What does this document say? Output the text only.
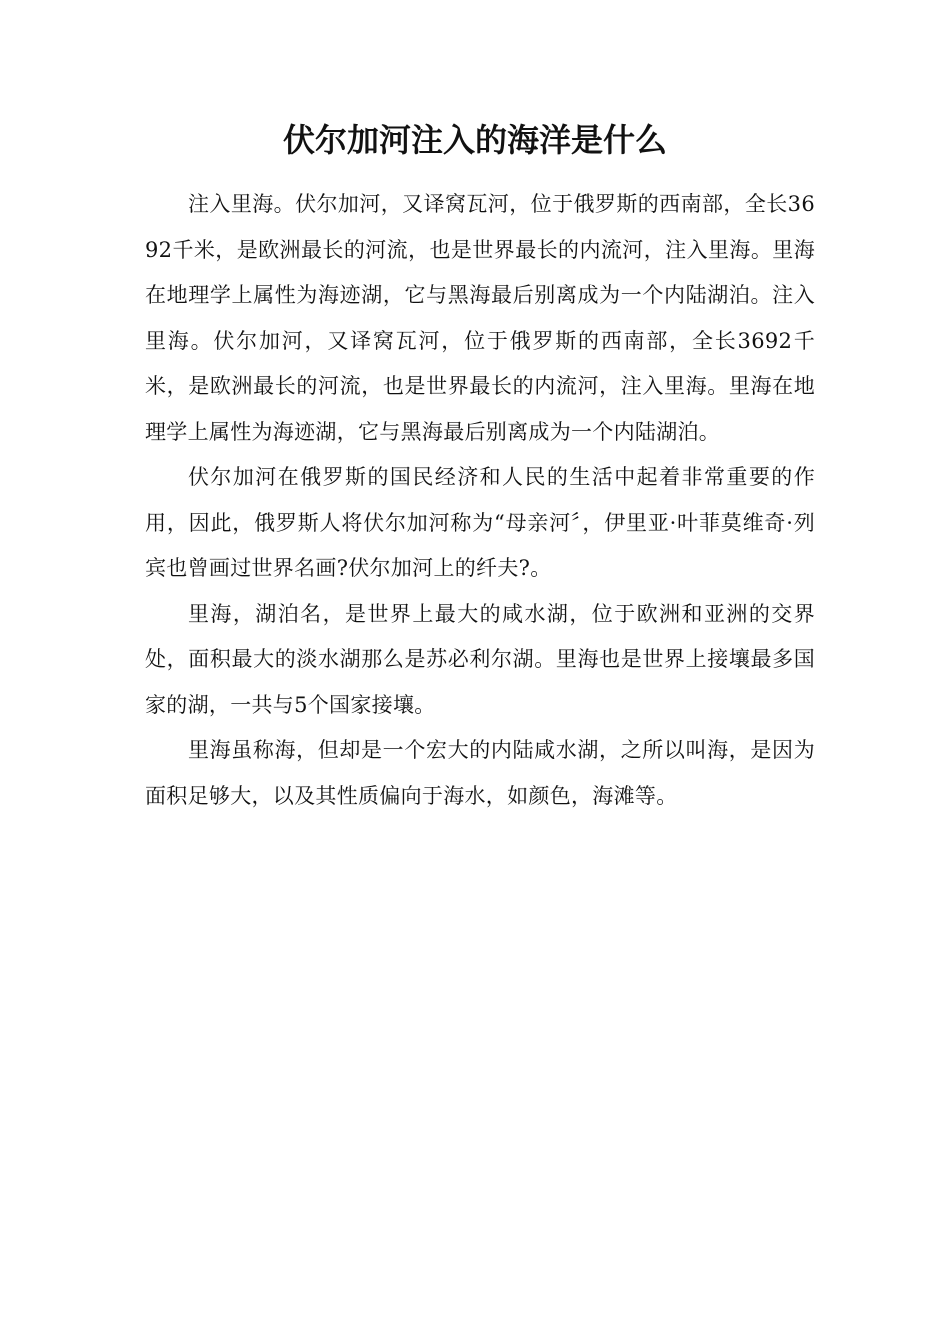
伏尔加河注入的海洋是什么

注入里海。伏尔加河，又译窝瓦河，位于俄罗斯的西南部，全长3692千米，是欧洲最长的河流，也是世界最长的内流河，注入里海。里海在地理学上属性为海迹湖，它与黑海最后别离成为一个内陆湖泊。注入里海。伏尔加河，又译窝瓦河，位于俄罗斯的西南部，全长3692千米，是欧洲最长的河流，也是世界最长的内流河，注入里海。里海在地理学上属性为海迹湖，它与黑海最后别离成为一个内陆湖泊。

伏尔加河在俄罗斯的国民经济和人民的生活中起着非常重要的作用，因此，俄罗斯人将伏尔加河称为“母亲河〞，伊里亚·叶菲莫维奇·列宾也曾画过世界名画?伏尔加河上的纤夫?。

里海，湖泊名，是世界上最大的咸水湖，位于欧洲和亚洲的交界处，面积最大的淡水湖那么是苏必利尔湖。里海也是世界上接壤最多国家的湖，一共与5个国家接壤。

里海虽称海，但却是一个宏大的内陆咸水湖，之所以叫海，是因为面积足够大，以及其性质偏向于海水，如颜色，海滩等。
